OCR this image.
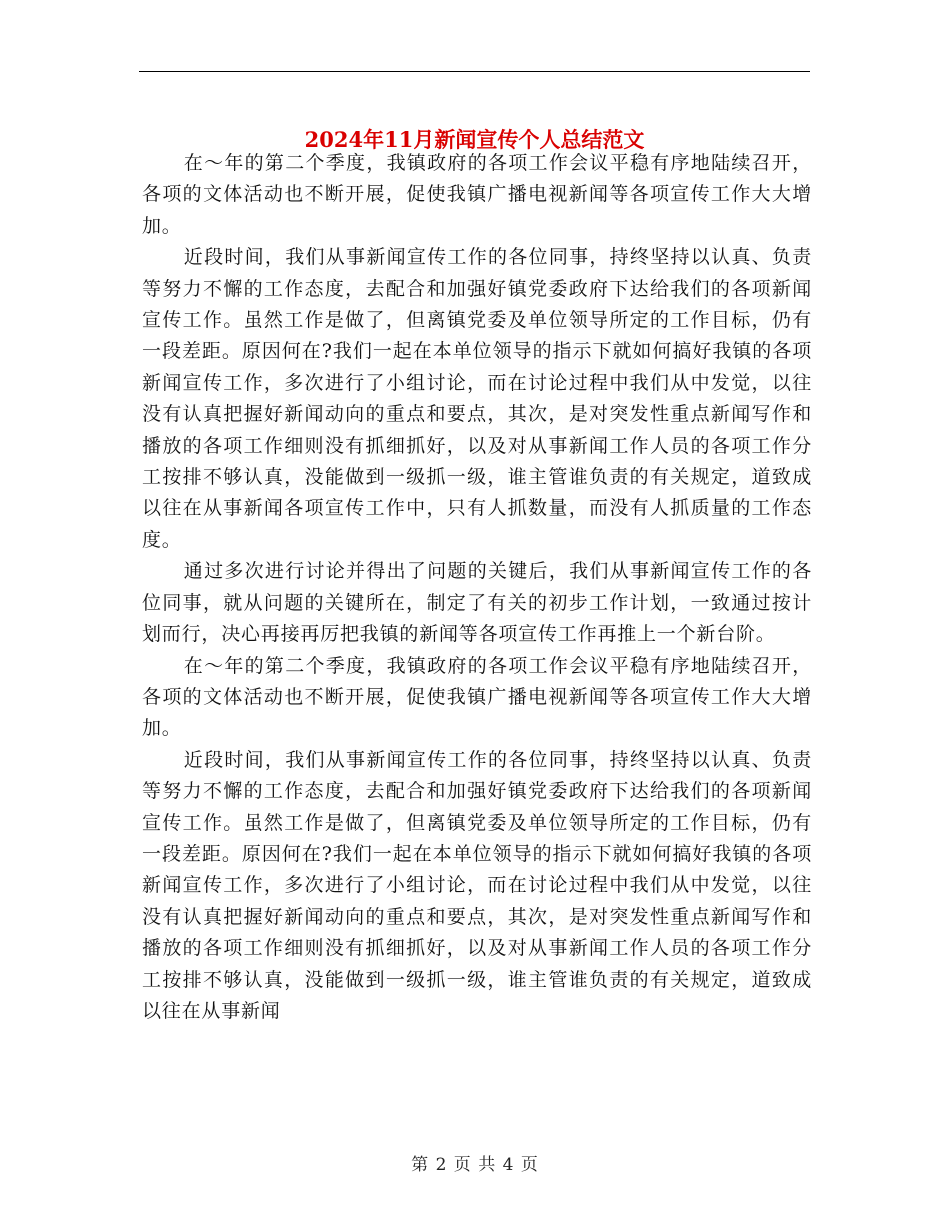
2024年11月新闻宣传个人总结范文

在～年的第二个季度，我镇政府的各项工作会议平稳有序地陆续召开，各项的文体活动也不断开展，促使我镇广播电视新闻等各项宣传工作大大增加。

近段时间，我们从事新闻宣传工作的各位同事，持终坚持以认真、负责等努力不懈的工作态度，去配合和加强好镇党委政府下达给我们的各项新闻宣传工作。虽然工作是做了，但离镇党委及单位领导所定的工作目标，仍有一段差距。原因何在?我们一起在本单位领导的指示下就如何搞好我镇的各项新闻宣传工作，多次进行了小组讨论，而在讨论过程中我们从中发觉，以往没有认真把握好新闻动向的重点和要点，其次，是对突发性重点新闻写作和播放的各项工作细则没有抓细抓好，以及对从事新闻工作人员的各项工作分工按排不够认真，没能做到一级抓一级，谁主管谁负责的有关规定，道致成以往在从事新闻各项宣传工作中，只有人抓数量，而没有人抓质量的工作态度。

通过多次进行讨论并得出了问题的关键后，我们从事新闻宣传工作的各位同事，就从问题的关键所在，制定了有关的初步工作计划，一致通过按计划而行，决心再接再厉把我镇的新闻等各项宣传工作再推上一个新台阶。

在～年的第二个季度，我镇政府的各项工作会议平稳有序地陆续召开，各项的文体活动也不断开展，促使我镇广播电视新闻等各项宣传工作大大增加。

近段时间，我们从事新闻宣传工作的各位同事，持终坚持以认真、负责等努力不懈的工作态度，去配合和加强好镇党委政府下达给我们的各项新闻宣传工作。虽然工作是做了，但离镇党委及单位领导所定的工作目标，仍有一段差距。原因何在?我们一起在本单位领导的指示下就如何搞好我镇的各项新闻宣传工作，多次进行了小组讨论，而在讨论过程中我们从中发觉，以往没有认真把握好新闻动向的重点和要点，其次，是对突发性重点新闻写作和播放的各项工作细则没有抓细抓好，以及对从事新闻工作人员的各项工作分工按排不够认真，没能做到一级抓一级，谁主管谁负责的有关规定，道致成以往在从事新闻

第 2 页 共 4 页
